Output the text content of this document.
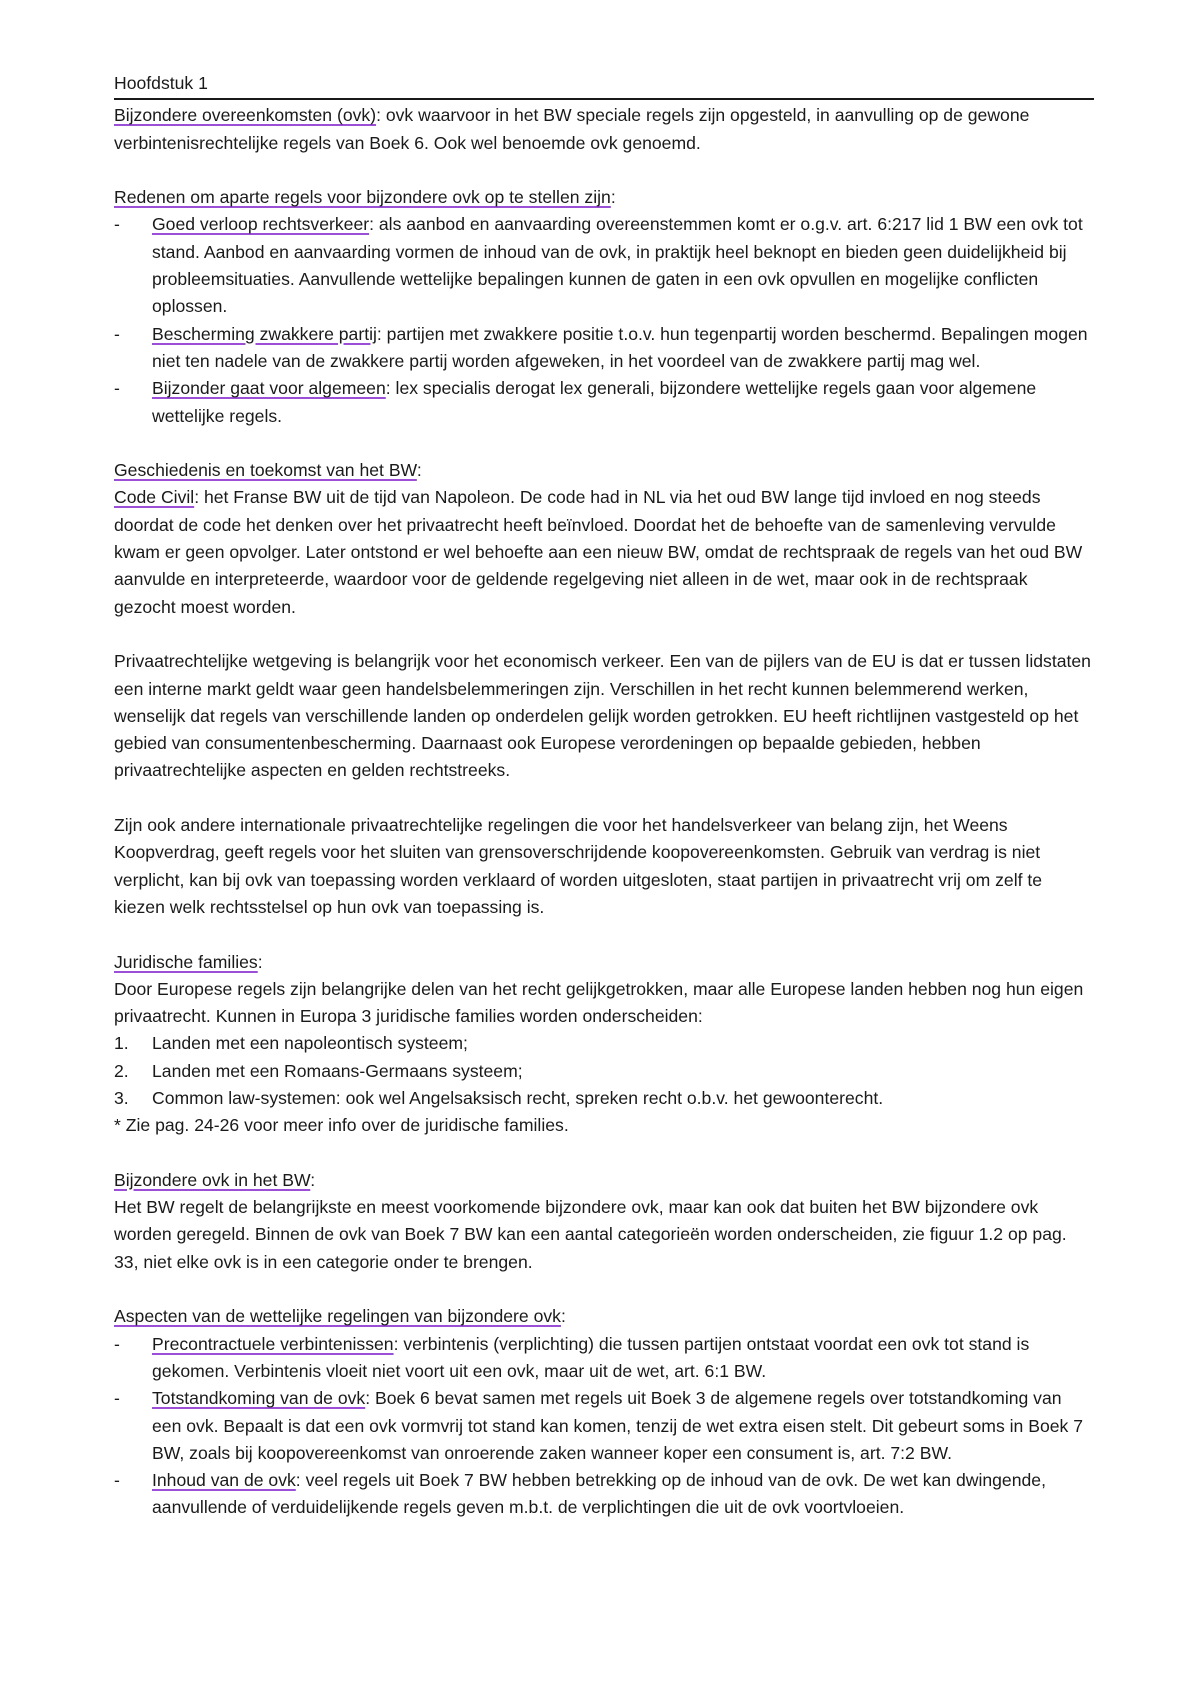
Hoofdstuk 1

Bijzondere overeenkomsten (ovk): ovk waarvoor in het BW speciale regels zijn opgesteld, in aanvulling op de gewone verbintenisrechtelijke regels van Boek 6. Ook wel benoemde ovk genoemd.

Redenen om aparte regels voor bijzondere ovk op te stellen zijn:

- Goed verloop rechtsverkeer: als aanbod en aanvaarding overeenstemmen komt er o.g.v. art. 6:217 lid 1 BW een ovk tot stand. Aanbod en aanvaarding vormen de inhoud van de ovk, in praktijk heel beknopt en bieden geen duidelijkheid bij probleemsituaties. Aanvullende wettelijke bepalingen kunnen de gaten in een ovk opvullen en mogelijke conflicten oplossen.
- Bescherming zwakkere partij: partijen met zwakkere positie t.o.v. hun tegenpartij worden beschermd. Bepalingen mogen niet ten nadele van de zwakkere partij worden afgeweken, in het voordeel van de zwakkere partij mag wel.
- Bijzonder gaat voor algemeen: lex specialis derogat lex generali, bijzondere wettelijke regels gaan voor algemene wettelijke regels.

Geschiedenis en toekomst van het BW:

Code Civil: het Franse BW uit de tijd van Napoleon. De code had in NL via het oud BW lange tijd invloed en nog steeds doordat de code het denken over het privaatrecht heeft beïnvloed. Doordat het de behoefte van de samenleving vervulde kwam er geen opvolger. Later ontstond er wel behoefte aan een nieuw BW, omdat de rechtspraak de regels van het oud BW aanvulde en interpreteerde, waardoor voor de geldende regelgeving niet alleen in de wet, maar ook in de rechtspraak gezocht moest worden.

Privaatrechtelijke wetgeving is belangrijk voor het economisch verkeer. Een van de pijlers van de EU is dat er tussen lidstaten een interne markt geldt waar geen handelsbelemmeringen zijn. Verschillen in het recht kunnen belemmerend werken, wenselijk dat regels van verschillende landen op onderdelen gelijk worden getrokken. EU heeft richtlijnen vastgesteld op het gebied van consumentenbescherming. Daarnaast ook Europese verordeningen op bepaalde gebieden, hebben privaatrechtelijke aspecten en gelden rechtstreeks.

Zijn ook andere internationale privaatrechtelijke regelingen die voor het handelsverkeer van belang zijn, het Weens Koopverdrag, geeft regels voor het sluiten van grensoverschrijdende koopovereenkomsten. Gebruik van verdrag is niet verplicht, kan bij ovk van toepassing worden verklaard of worden uitgesloten, staat partijen in privaatrecht vrij om zelf te kiezen welk rechtsstelsel op hun ovk van toepassing is.

Juridische families:

Door Europese regels zijn belangrijke delen van het recht gelijkgetrokken, maar alle Europese landen hebben nog hun eigen privaatrecht. Kunnen in Europa 3 juridische families worden onderscheiden:

1. Landen met een napoleontisch systeem;
2. Landen met een Romaans-Germaans systeem;
3. Common law-systemen: ook wel Angelsaksisch recht, spreken recht o.b.v. het gewoonterecht.

* Zie pag. 24-26 voor meer info over de juridische families.

Bijzondere ovk in het BW:

Het BW regelt de belangrijkste en meest voorkomende bijzondere ovk, maar kan ook dat buiten het BW bijzondere ovk worden geregeld. Binnen de ovk van Boek 7 BW kan een aantal categorieën worden onderscheiden, zie figuur 1.2 op pag. 33, niet elke ovk is in een categorie onder te brengen.

Aspecten van de wettelijke regelingen van bijzondere ovk:

- Precontractuele verbintenissen: verbintenis (verplichting) die tussen partijen ontstaat voordat een ovk tot stand is gekomen. Verbintenis vloeit niet voort uit een ovk, maar uit de wet, art. 6:1 BW.
- Totstandkoming van de ovk: Boek 6 bevat samen met regels uit Boek 3 de algemene regels over totstandkoming van een ovk. Bepaalt is dat een ovk vormvrij tot stand kan komen, tenzij de wet extra eisen stelt. Dit gebeurt soms in Boek 7 BW, zoals bij koopovereenkomst van onroerende zaken wanneer koper een consument is, art. 7:2 BW.
- Inhoud van de ovk: veel regels uit Boek 7 BW hebben betrekking op de inhoud van de ovk. De wet kan dwingende, aanvullende of verduidelijkende regels geven m.b.t. de verplichtingen die uit de ovk voortvloeien.
